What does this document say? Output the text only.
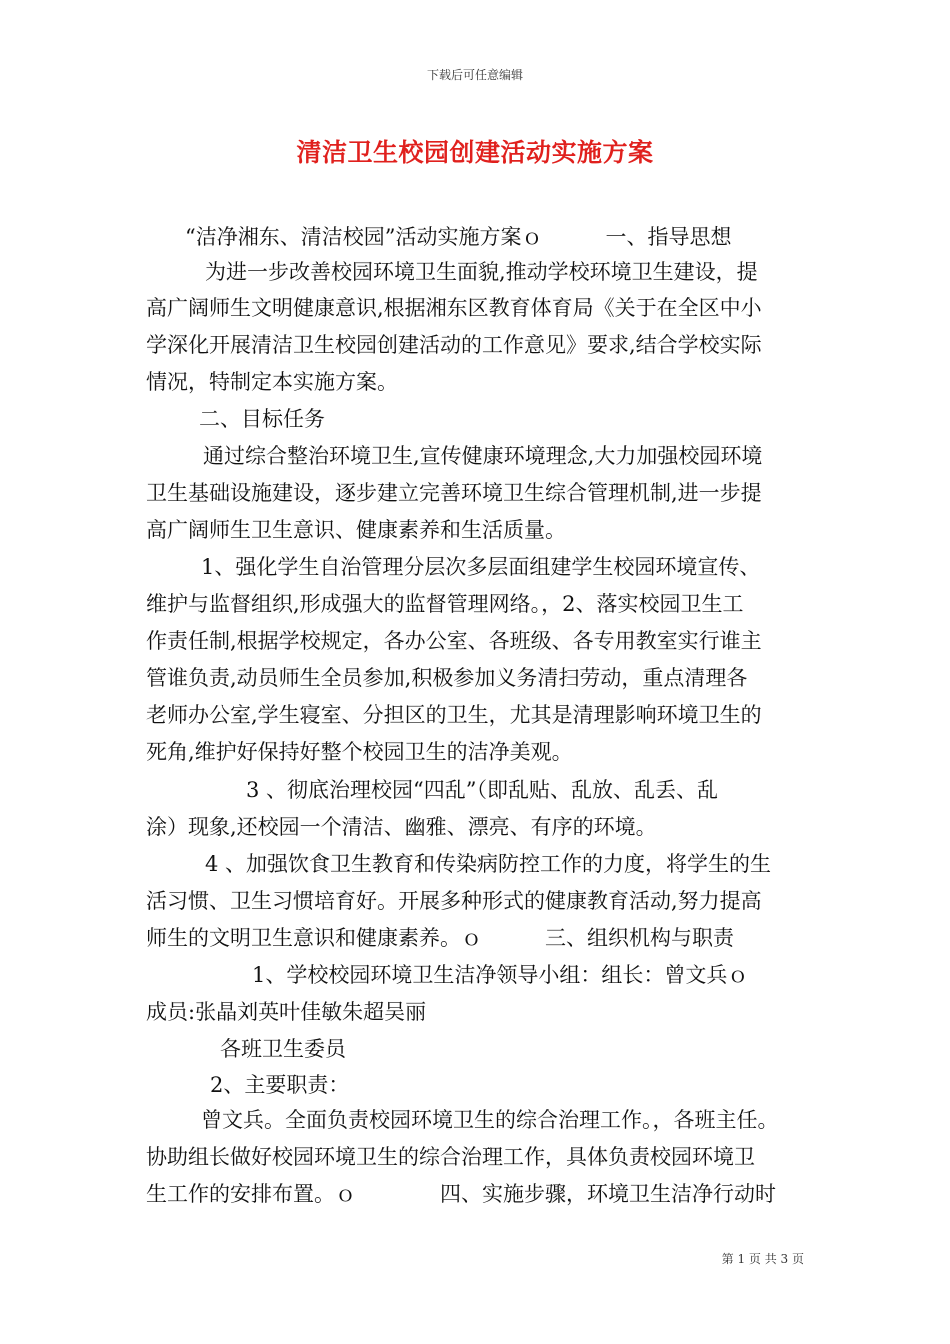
下载后可任意编辑
清洁卫生校园创建活动实施方案
“洁净湘东、清洁校园”活动实施方案ｏ　　　一、指导思想
为进一步改善校园环境卫生面貌,推动学校环境卫生建设，提
高广阔师生文明健康意识,根据湘东区教育体育局《关于在全区中小
学深化开展清洁卫生校园创建活动的工作意见》要求,结合学校实际
情况，特制定本实施方案。
二、目标任务
通过综合整治环境卫生,宣传健康环境理念,大力加强校园环境
卫生基础设施建设，逐步建立完善环境卫生综合管理机制,进一步提
高广阔师生卫生意识、健康素养和生活质量。
1、强化学生自治管理分层次多层面组建学生校园环境宣传、
维护与监督组织,形成强大的监督管理网络。，2、落实校园卫生工
作责任制,根据学校规定，各办公室、各班级、各专用教室实行谁主
管谁负责,动员师生全员参加,积极参加义务清扫劳动，重点清理各
老师办公室,学生寝室、分担区的卫生，尤其是清理影响环境卫生的
死角,维护好保持好整个校园卫生的洁净美观。
3 、彻底治理校园“四乱”（即乱贴、乱放、乱丢、乱
涂）现象,还校园一个清洁、幽雅、漂亮、有序的环境。
4 、加强饮食卫生教育和传染病防控工作的力度，将学生的生
活习惯、卫生习惯培育好。开展多种形式的健康教育活动,努力提高
师生的文明卫生意识和健康素养。ｏ　　　三、组织机构与职责
1、学校校园环境卫生洁净领导小组：组长：曾文兵ｏ
成员:张晶刘英叶佳敏朱超吴丽
各班卫生委员
2、主要职责：
曾文兵。全面负责校园环境卫生的综合治理工作。，各班主任。
协助组长做好校园环境卫生的综合治理工作，具体负责校园环境卫
生工作的安排布置。ｏ　　　　四、实施步骤，环境卫生洁净行动时
第 1 页 共 3 页
